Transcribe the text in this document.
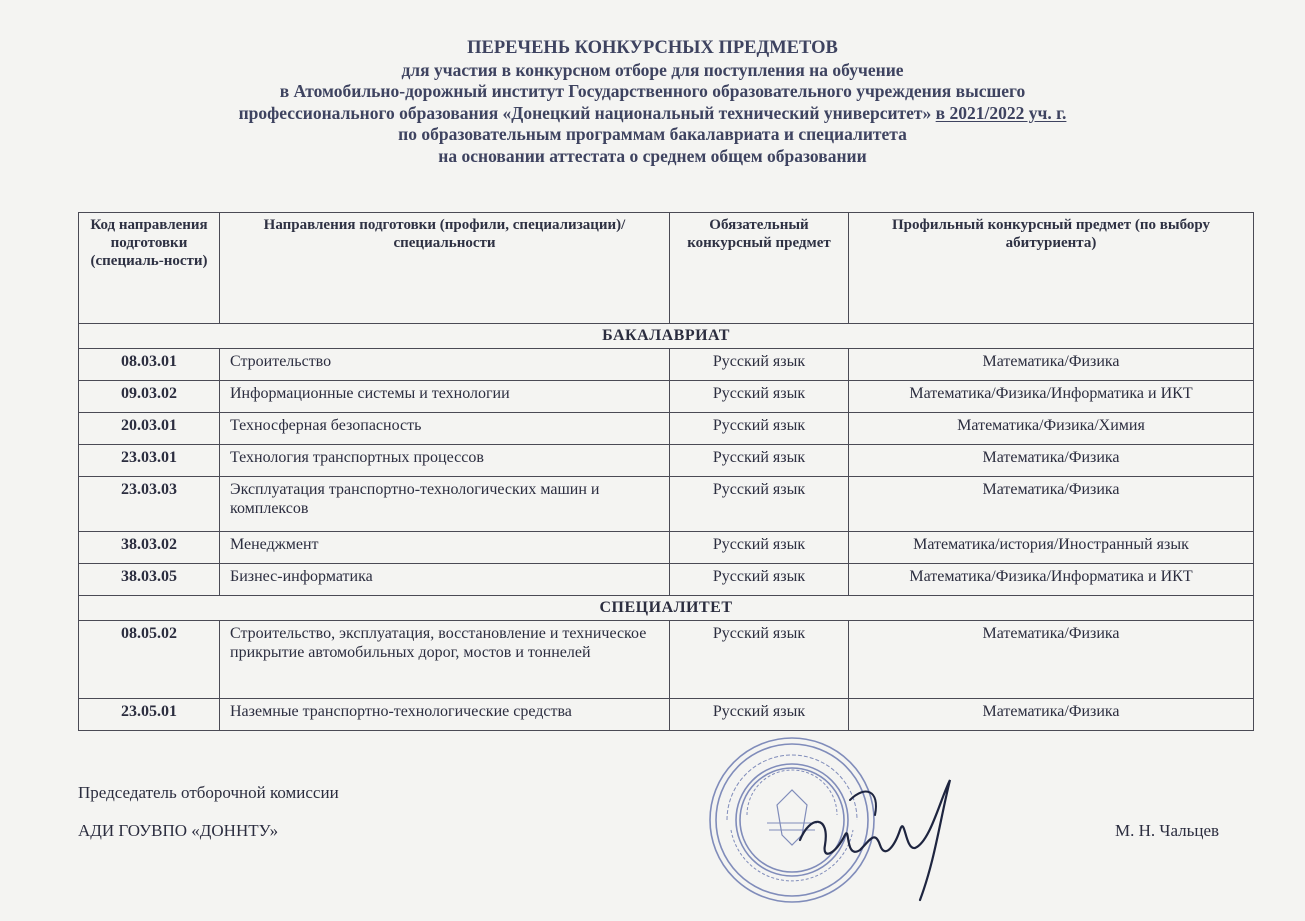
ПЕРЕЧЕНЬ КОНКУРСНЫХ ПРЕДМЕТОВ
для участия в конкурсном отборе для поступления на обучение
в Атомобильно-дорожный институт Государственного образовательного учреждения высшего
профессионального образования «Донецкий национальный технический университет» в 2021/2022 уч. г.
по образовательным программам бакалавриата и специалитета
на основании аттестата о среднем общем образовании
Код направления подготовки (специаль-ности)	Направления подготовки (профили, специализации)/специальности	Обязательный конкурсный предмет	Профильный конкурсный предмет (по выбору абитуриента)
БАКАЛАВРИАТ			
08.03.01	Строительство	Русский язык	Математика/Физика
09.03.02	Информационные системы и технологии	Русский язык	Математика/Физика/Информатика и ИКТ
20.03.01	Техносферная безопасность	Русский язык	Математика/Физика/Химия
23.03.01	Технология транспортных процессов	Русский язык	Математика/Физика
23.03.03	Эксплуатация транспортно-технологических машин и комплексов	Русский язык	Математика/Физика
38.03.02	Менеджмент	Русский язык	Математика/история/Иностранный язык
38.03.05	Бизнес-информатика	Русский язык	Математика/Физика/Информатика и ИКТ
СПЕЦИАЛИТЕТ			
08.05.02	Строительство, эксплуатация, восстановление и техническое прикрытие автомобильных дорог, мостов и тоннелей	Русский язык	Математика/Физика
23.05.01	Наземные транспортно-технологические средства	Русский язык	Математика/Физика
Председатель отборочной комиссии
АДИ ГОУВПО «ДОННТУ»	М. Н. Чальцев
